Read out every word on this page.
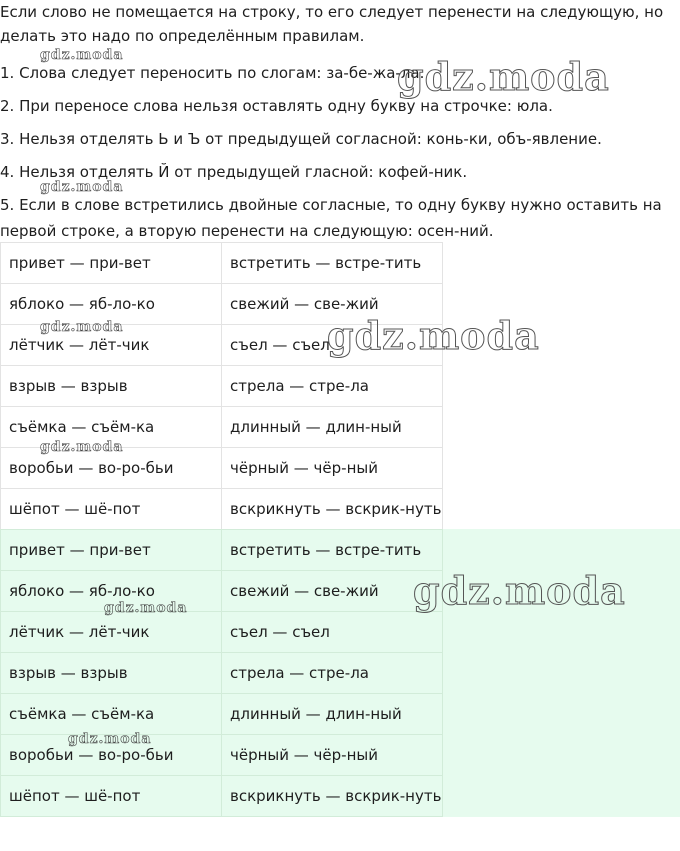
Если слово не помещается на строку, то его следует перенести на следующую, но

делать это надо по определённым правилам.

1. Слова следует переносить по слогам: за-бе-жа-ла.
2. При переносе слова нельзя оставлять одну букву на строчке: юла.
3. Нельзя отделять Ь и Ъ от предыдущей согласной: конь-ки, объ-явление.
4. Нельзя отделять Й от предыдущей гласной: кофей-ник.
5. Если в слове встретились двойные согласные, то одну букву нужно оставить на
первой строке, а вторую перенести на следующую: осен-ний.
привет — при-вет	встретить — встре-тить
яблоко — яб-ло-ко	свежий — све-жий
лётчик — лёт-чик	съел — съел
взрыв — взрыв	стрела — стре-ла
съёмка — съём-ка	длинный — длин-ный
воробьи — во-ро-бьи	чёрный — чёр-ный
шёпот — шё-пот	вскрикнуть — вскрик-нуть
привет — при-вет	встретить — встре-тить
яблоко — яб-ло-ко	свежий — све-жий
лётчик — лёт-чик	съел — съел
взрыв — взрыв	стрела — стре-ла
съёмка — съём-ка	длинный — длин-ный
воробьи — во-ро-бьи	чёрный — чёр-ный
шёпот — шё-пот	вскрикнуть — вскрик-нуть
gdz.moda	gdz.moda
gdz.moda
gdz.moda	gdz.moda
gdz.moda
gdz.moda
gdz.moda
gdz.moda
